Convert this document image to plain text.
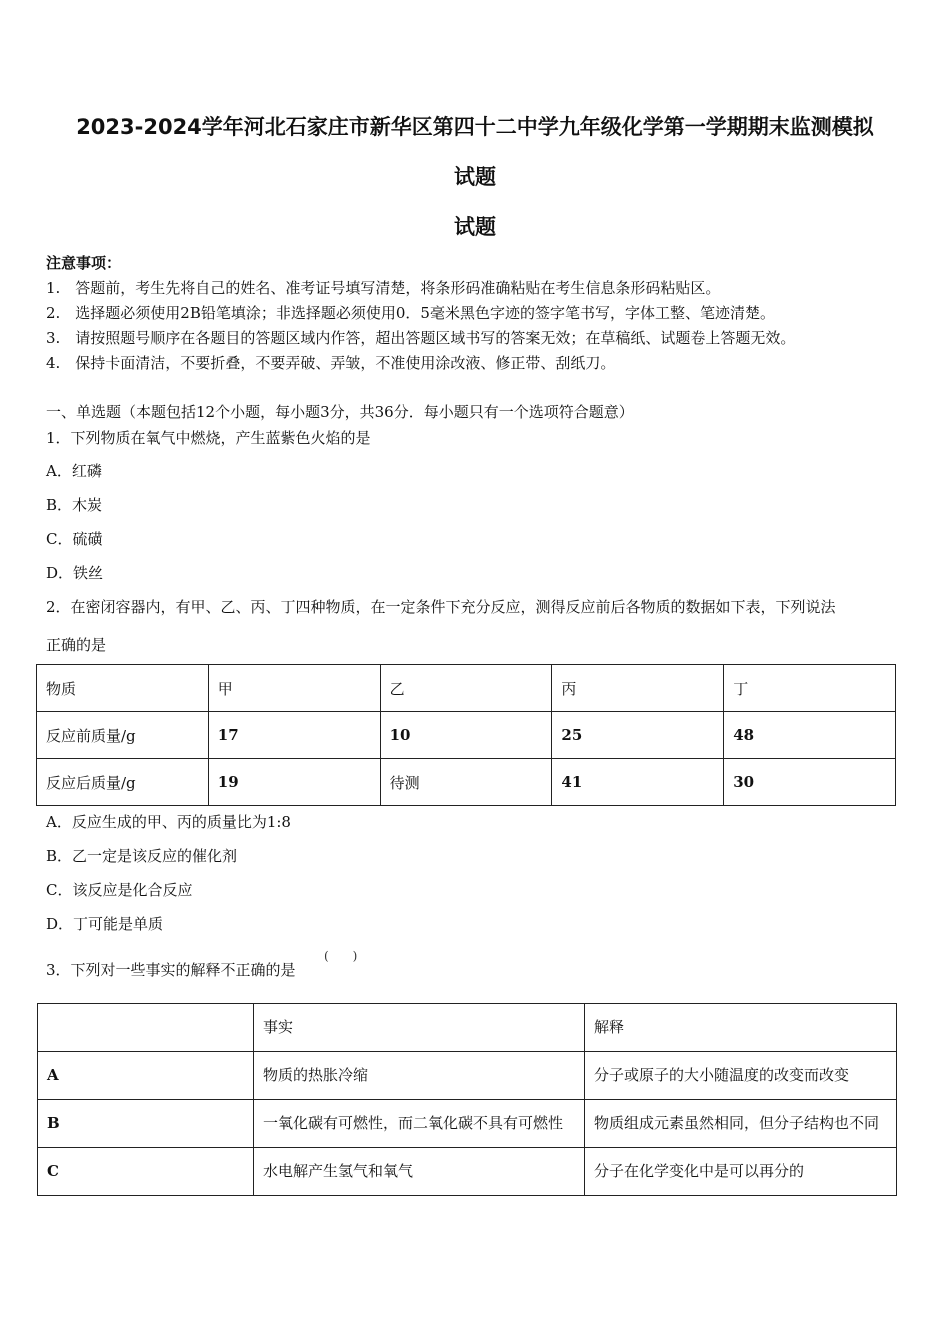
2023-2024学年河北石家庄市新华区第四十二中学九年级化学第一学期期末监测模拟
试题
试题
注意事项：
1.　答题前，考生先将自己的姓名、准考证号填写清楚，将条形码准确粘贴在考生信息条形码粘贴区。
2.　选择题必须使用2B铅笔填涂；非选择题必须使用0．5毫米黑色字迹的签字笔书写，字体工整、笔迹清楚。
3.　请按照题号顺序在各题目的答题区域内作答，超出答题区域书写的答案无效；在草稿纸、试题卷上答题无效。
4.　保持卡面清洁，不要折叠，不要弄破、弄皱，不准使用涂改液、修正带、刮纸刀。
一、单选题（本题包括12个小题，每小题3分，共36分．每小题只有一个选项符合题意）
1．下列物质在氧气中燃烧，产生蓝紫色火焰的是
A．红磷
B．木炭
C．硫磺
D．铁丝
2．在密闭容器内，有甲、乙、丙、丁四种物质，在一定条件下充分反应，测得反应前后各物质的数据如下表，下列说法
正确的是
物质	甲	乙	丙	丁
反应前质量/g	17	10	25	48
反应后质量/g	19	待测	41	30
A．反应生成的甲、丙的质量比为1:8
B．乙一定是该反应的催化剂
C．该反应是化合反应
D．丁可能是单质
3．下列对一些事实的解释不正确的是
(　　)
	事实	解释
A	物质的热胀冷缩	分子或原子的大小随温度的改变而改变
B	一氧化碳有可燃性，而二氧化碳不具有可燃性	物质组成元素虽然相同，但分子结构也不同
C	水电解产生氢气和氧气	分子在化学变化中是可以再分的
